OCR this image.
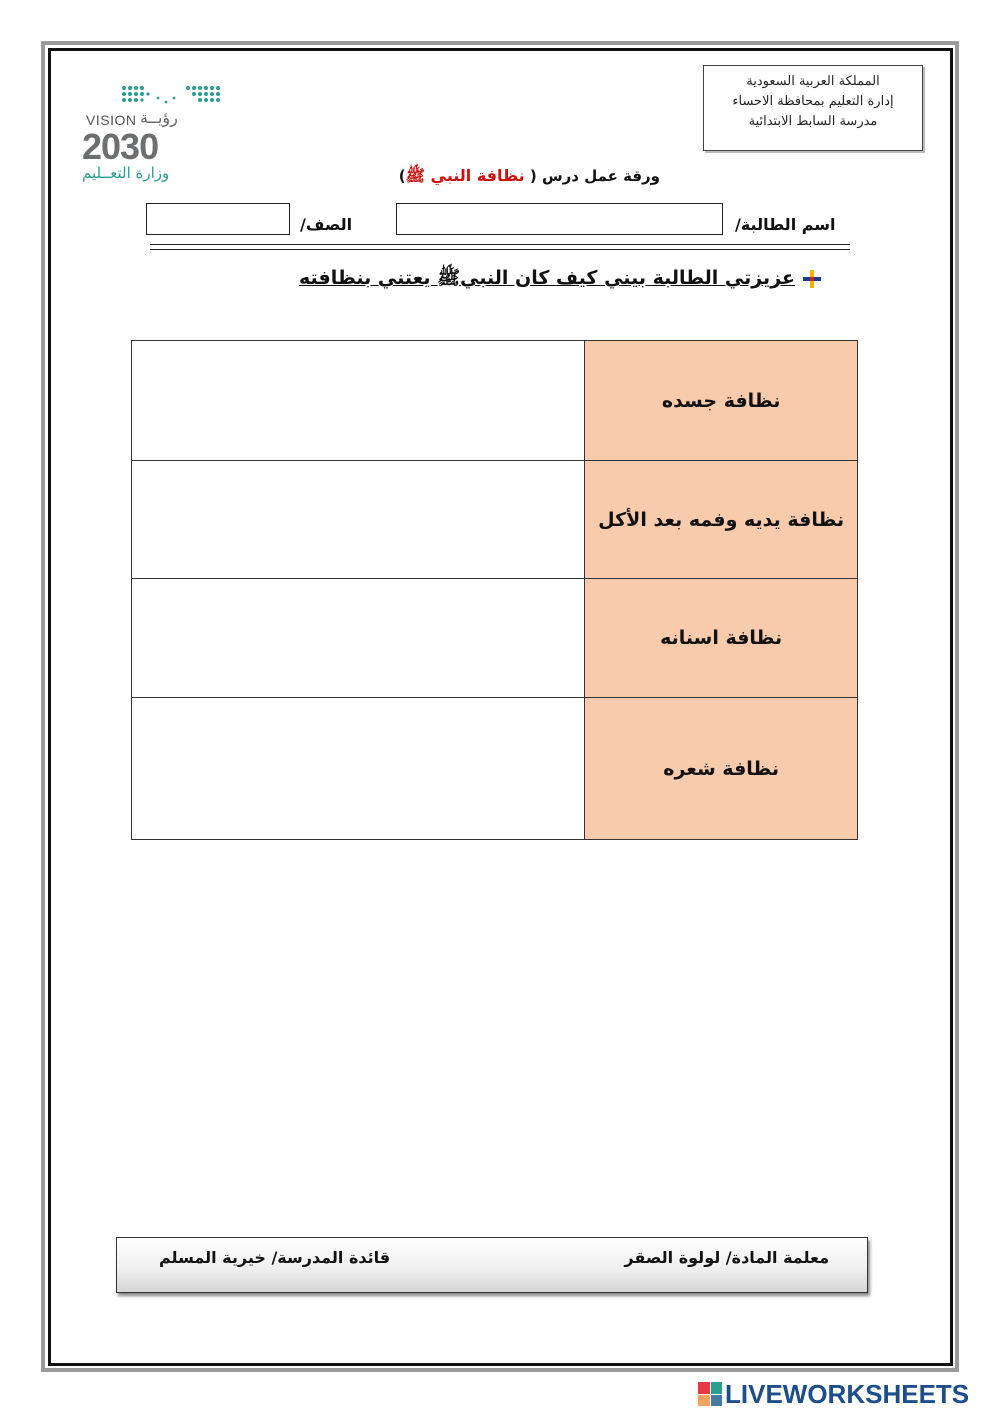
المملكة العربية السعودية
إدارة التعليم بمحافظة الاحساء
مدرسة السابط الابتدائية
VISION رؤيــة
2030
وزارة التعــليم	ورقة عمل درس ( نظافة النبي ﷺ)
اسم الطالبة/
الصف/
عزيزتي الطالبة بيني كيف كان النبيﷺ يعتني بنظافته
	نظافة جسده
	نظافة يديه وفمه بعد الأكل
	نظافة اسنانه
	نظافة شعره
معلمة المادة/ لولوة الصقر
قائدة المدرسة/ خيرية المسلم
LIVEWORKSHEETS
